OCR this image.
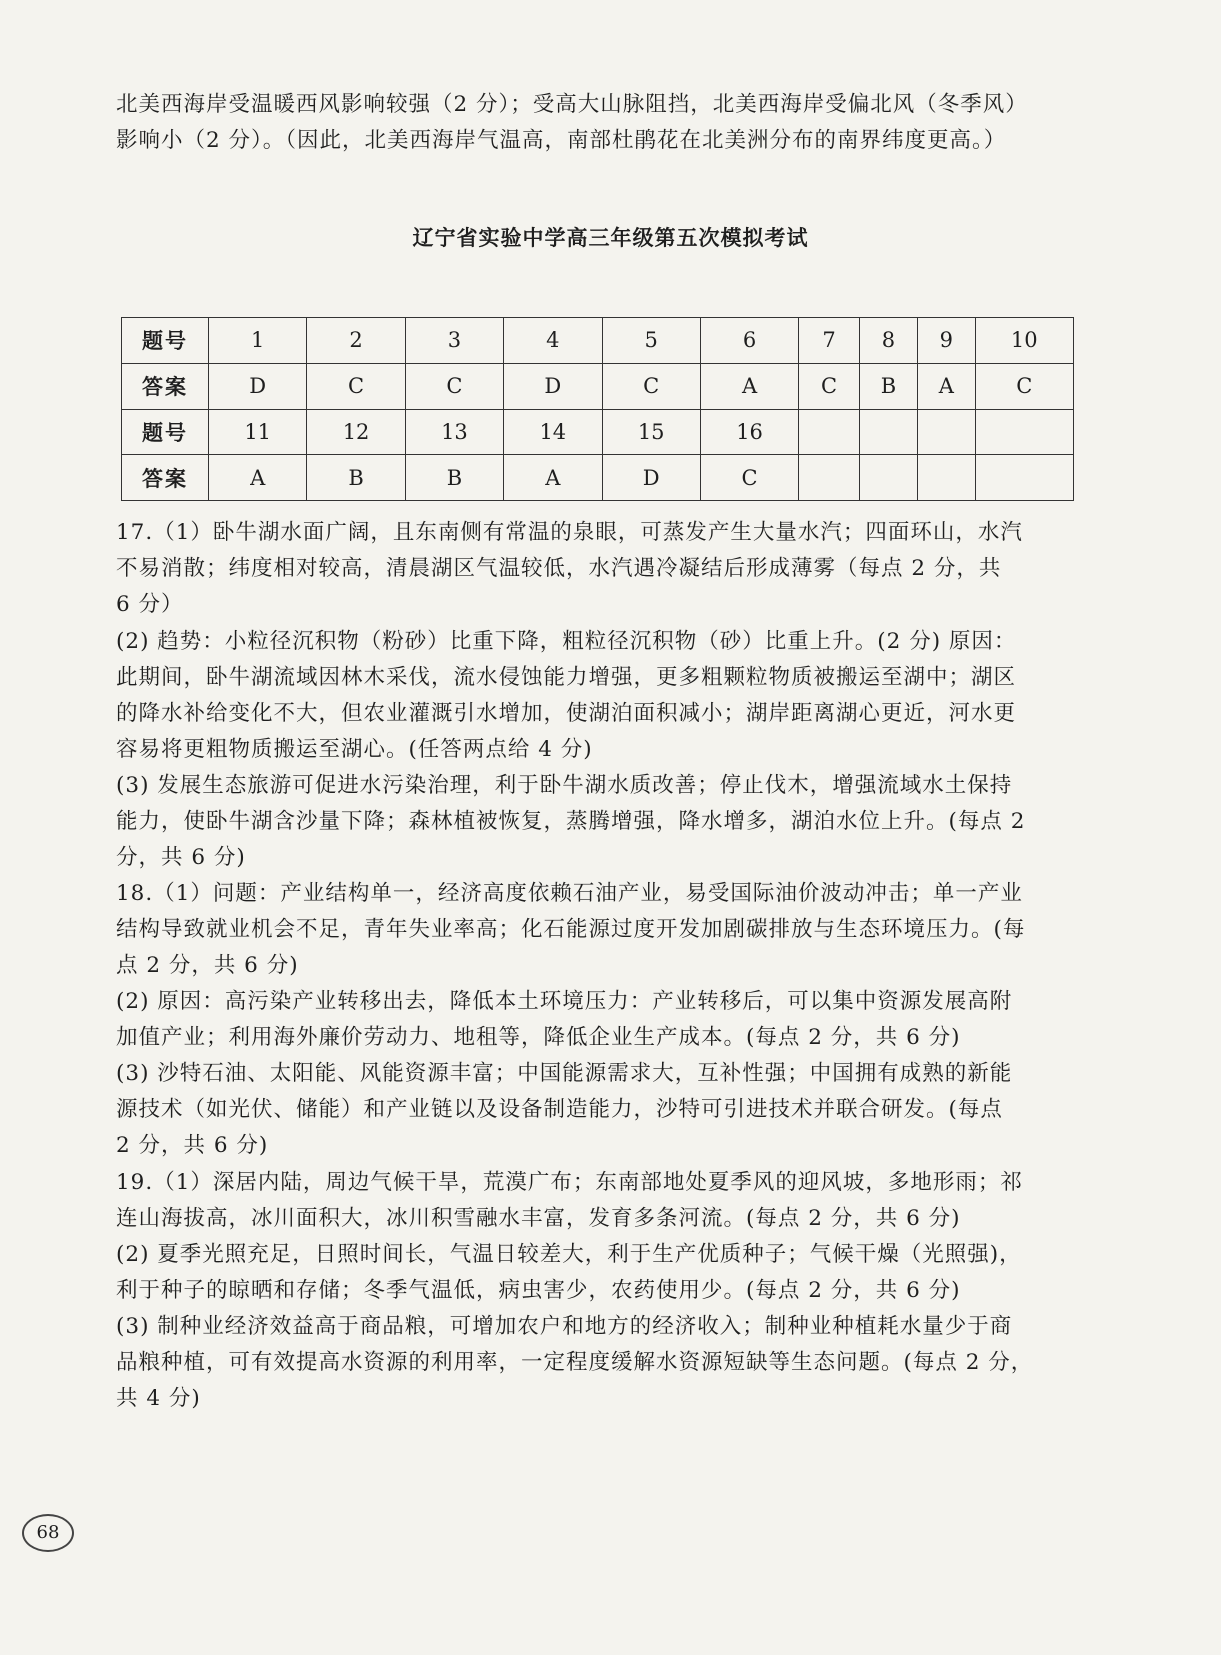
北美西海岸受温暖西风影响较强（2 分）；受高大山脉阻挡，北美西海岸受偏北风（冬季风）
影响小（2 分）。（因此，北美西海岸气温高，南部杜鹃花在北美洲分布的南界纬度更高。）

辽宁省实验中学高三年级第五次模拟考试
题号	1	2	3	4	5	6	7	8	9	10
答案	D	C	C	D	C	A	C	B	A	C
题号	11	12	13	14	15	16				
答案	A	B	B	A	D	C				

17.（1）卧牛湖水面广阔，且东南侧有常温的泉眼，可蒸发产生大量水汽；四面环山，水汽
不易消散；纬度相对较高，清晨湖区气温较低，水汽遇冷凝结后形成薄雾（每点 2 分，共
6 分）

(2) 趋势：小粒径沉积物（粉砂）比重下降，粗粒径沉积物（砂）比重上升。(2 分) 原因：
此期间，卧牛湖流域因林木采伐，流水侵蚀能力增强，更多粗颗粒物质被搬运至湖中；湖区
的降水补给变化不大，但农业灌溉引水增加，使湖泊面积减小；湖岸距离湖心更近，河水更
容易将更粗物质搬运至湖心。(任答两点给 4 分)

(3) 发展生态旅游可促进水污染治理，利于卧牛湖水质改善；停止伐木，增强流域水土保持
能力，使卧牛湖含沙量下降；森林植被恢复，蒸腾增强，降水增多，湖泊水位上升。(每点 2
分，共 6 分)

18.（1）问题：产业结构单一，经济高度依赖石油产业，易受国际油价波动冲击；单一产业
结构导致就业机会不足，青年失业率高；化石能源过度开发加剧碳排放与生态环境压力。(每
点 2 分，共 6 分)

(2) 原因：高污染产业转移出去，降低本土环境压力：产业转移后，可以集中资源发展高附
加值产业；利用海外廉价劳动力、地租等，降低企业生产成本。(每点 2 分，共 6 分)

(3) 沙特石油、太阳能、风能资源丰富；中国能源需求大，互补性强；中国拥有成熟的新能
源技术（如光伏、储能）和产业链以及设备制造能力，沙特可引进技术并联合研发。(每点
2 分，共 6 分)

19.（1）深居内陆，周边气候干旱，荒漠广布；东南部地处夏季风的迎风坡，多地形雨；祁
连山海拔高，冰川面积大，冰川积雪融水丰富，发育多条河流。(每点 2 分，共 6 分)

(2) 夏季光照充足，日照时间长，气温日较差大，利于生产优质种子；气候干燥（光照强)，
利于种子的晾晒和存储；冬季气温低，病虫害少，农药使用少。(每点 2 分，共 6 分)

(3) 制种业经济效益高于商品粮，可增加农户和地方的经济收入；制种业种植耗水量少于商
品粮种植，可有效提高水资源的利用率，一定程度缓解水资源短缺等生态问题。(每点 2 分，
共 4 分)

68
